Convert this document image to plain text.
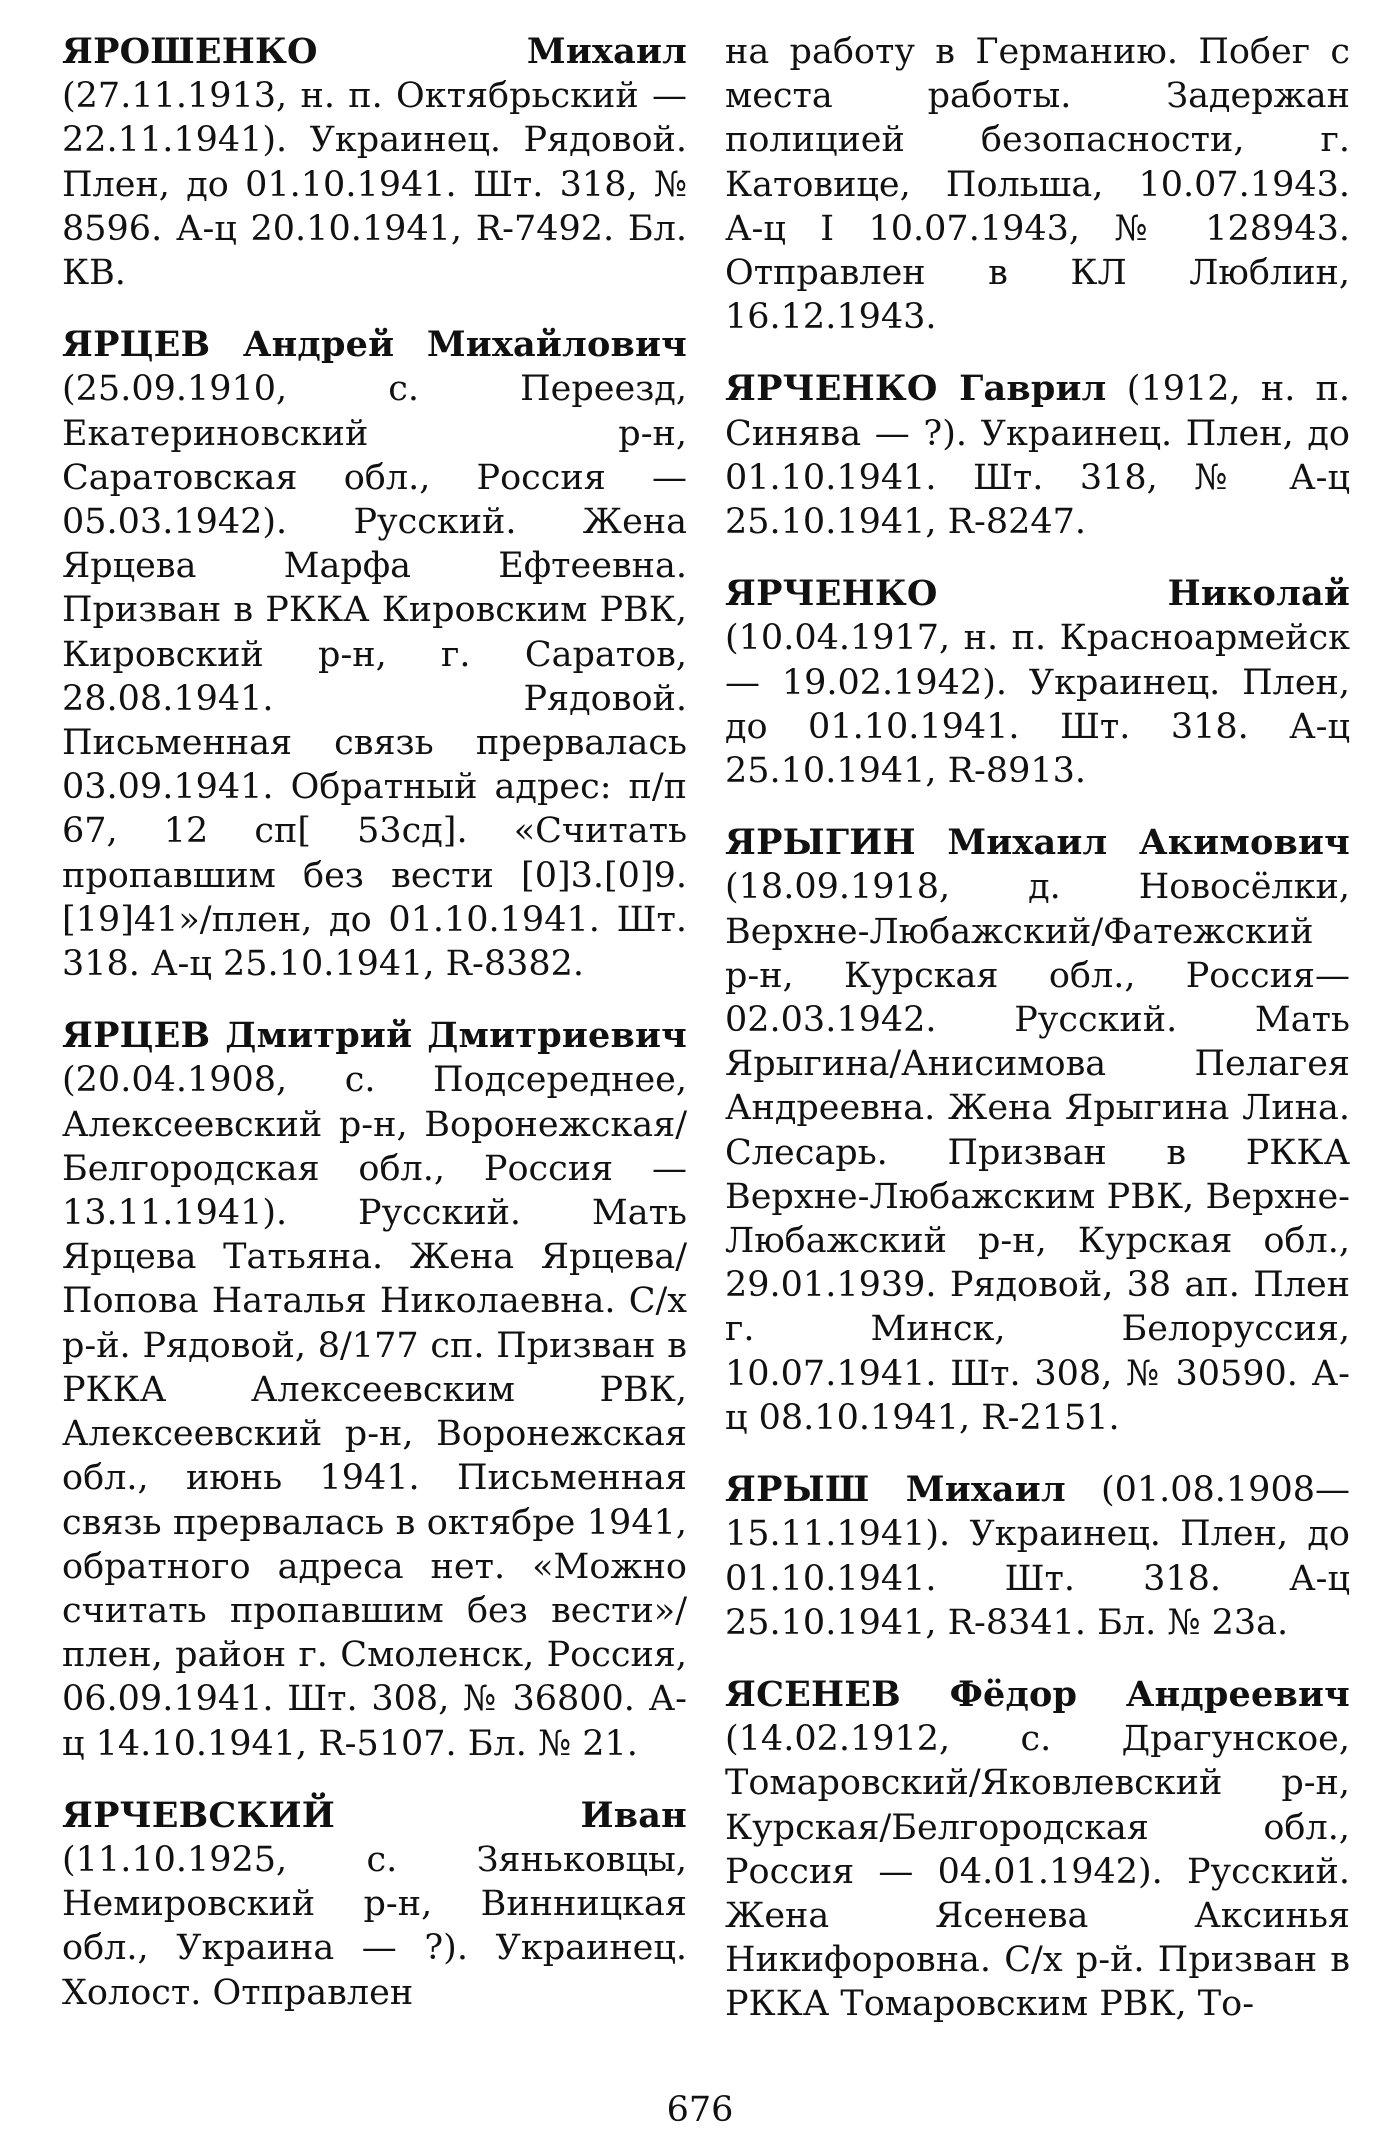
ЯРОШЕНКО Михаил (27.11.1913, н. п. Октябрьский — 22.11.1941). Украинец. Рядовой. Плен, до 01.10.1941. Шт. 318, № 8596. А-ц 20.10.1941, R-7492. Бл. КВ.

ЯРЦЕВ Андрей Михайлович (25.09.1910, с. Переезд, Екатериновский р-н, Саратовская обл., Россия — 05.03.1942). Русский. Жена Ярцева Марфа Ефтеевна. Призван в РККА Кировским РВК, Кировский р-н, г. Саратов, 28.08.1941. Рядовой. Письменная связь прервалась 03.09.1941. Обратный адрес: п/п 67, 12 сп[ 53сд]. «Считать пропавшим без вести [0]3.[0]9.[19]41»/плен, до 01.10.1941. Шт. 318. А-ц 25.10.1941, R-8382.

ЯРЦЕВ Дмитрий Дмитриевич (20.04.1908, с. Подсереднее, Алексеевский р-н, Воронежская/Белгородская обл., Россия — 13.11.1941). Русский. Мать Ярцева Татьяна. Жена Ярцева/Попова Наталья Николаевна. С/х р-й. Рядовой, 8/177 сп. Призван в РККА Алексеевским РВК, Алексеевский р-н, Воронежская обл., июнь 1941. Письменная связь прервалась в октябре 1941, обратного адреса нет. «Можно считать пропавшим без вести»/плен, район г. Смоленск, Россия, 06.09.1941. Шт. 308, № 36800. А-ц 14.10.1941, R-5107. Бл. № 21.

ЯРЧЕВСКИЙ Иван (11.10.1925, с. Зяньковцы, Немировский р-н, Винницкая обл., Украина — ?). Украинец. Холост. Отправлен

на работу в Германию. Побег с места работы. Задержан полицией безопасности, г. Катовице, Польша, 10.07.1943. А-ц I 10.07.1943, № 128943. Отправлен в КЛ Люблин, 16.12.1943.

ЯРЧЕНКО Гаврил (1912, н. п. Синява — ?). Украинец. Плен, до 01.10.1941. Шт. 318, № А-ц 25.10.1941, R-8247.

ЯРЧЕНКО Николай (10.04.1917, н. п. Красноармейск — 19.02.1942). Украинец. Плен, до 01.10.1941. Шт. 318. А-ц 25.10.1941, R-8913.

ЯРЫГИН Михаил Акимович (18.09.1918, д. Новосёлки, Верхне-Любажский/Фатежский р-н, Курская обл., Россия— 02.03.1942. Русский. Мать Ярыгина/Анисимова Пелагея Андреевна. Жена Ярыгина Лина. Слесарь. Призван в РККА Верхне-Любажским РВК, Верхне-Любажский р-н, Курская обл., 29.01.1939. Рядовой, 38 ап. Плен г. Минск, Белоруссия, 10.07.1941. Шт. 308, № 30590. А-ц 08.10.1941, R-2151.

ЯРЫШ Михаил (01.08.1908— 15.11.1941). Украинец. Плен, до 01.10.1941. Шт. 318. А-ц 25.10.1941, R-8341. Бл. № 23а.

ЯСЕНЕВ Фёдор Андреевич (14.02.1912, с. Драгунское, Томаровский/Яковлевский р-н, Курская/Белгородская обл., Россия — 04.01.1942). Русский. Жена Ясенева Аксинья Никифоровна. С/х р-й. Призван в РККА Томаровским РВК, То-

676
